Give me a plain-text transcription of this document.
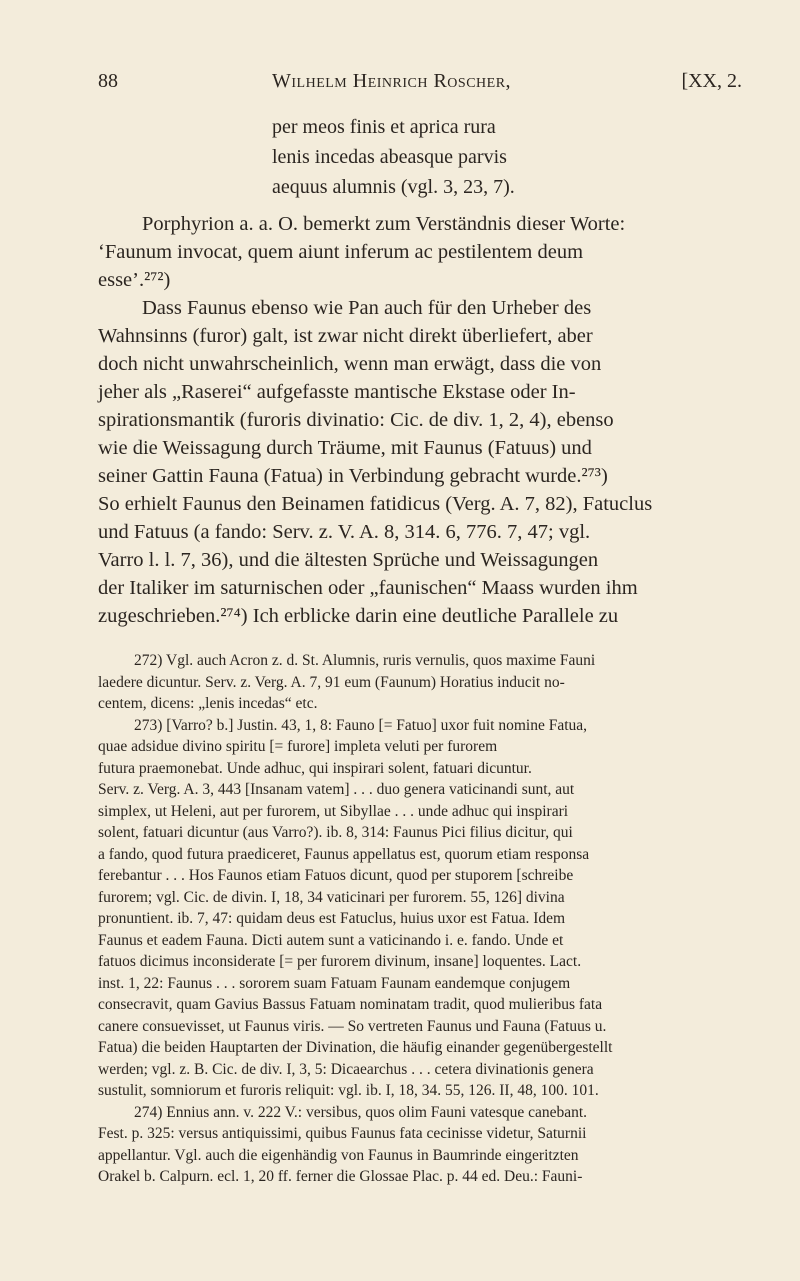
88	Wilhelm Heinrich Roscher,	[XX, 2.
per meos finis et aprica rura
lenis incedas abeasque parvis
aequus alumnis (vgl. 3, 23, 7).
Porphyrion a. a. O. bemerkt zum Verständnis dieser Worte:
‘Faunum invocat, quem aiunt inferum ac pestilentem deum
esse’.²⁷²)
Dass Faunus ebenso wie Pan auch für den Urheber des
Wahnsinns (furor) galt, ist zwar nicht direkt überliefert, aber
doch nicht unwahrscheinlich, wenn man erwägt, dass die von
jeher als „Raserei“ aufgefasste mantische Ekstase oder In-
spirationsmantik (furoris divinatio: Cic. de div. 1, 2, 4), ebenso
wie die Weissagung durch Träume, mit Faunus (Fatuus) und
seiner Gattin Fauna (Fatua) in Verbindung gebracht wurde.²⁷³)
So erhielt Faunus den Beinamen fatidicus (Verg. A. 7, 82), Fatuclus
und Fatuus (a fando: Serv. z. V. A. 8, 314. 6, 776. 7, 47; vgl.
Varro l. l. 7, 36), und die ältesten Sprüche und Weissagungen
der Italiker im saturnischen oder „faunischen“ Maass wurden ihm
zugeschrieben.²⁷⁴) Ich erblicke darin eine deutliche Parallele zu
272) Vgl. auch Acron z. d. St. Alumnis, ruris vernulis, quos maxime Fauni
laedere dicuntur. Serv. z. Verg. A. 7, 91 eum (Faunum) Horatius inducit no-
centem, dicens: „lenis incedas“ etc.
273) [Varro? b.] Justin. 43, 1, 8: Fauno [= Fatuo] uxor fuit nomine Fatua,
quae adsidue divino spiritu [= furore] impleta veluti per furorem
futura praemonebat. Unde adhuc, qui inspirari solent, fatuari dicuntur.
Serv. z. Verg. A. 3, 443 [Insanam vatem] . . . duo genera vaticinandi sunt, aut
simplex, ut Heleni, aut per furorem, ut Sibyllae . . . unde adhuc qui inspirari
solent, fatuari dicuntur (aus Varro?). ib. 8, 314: Faunus Pici filius dicitur, qui
a fando, quod futura praediceret, Faunus appellatus est, quorum etiam responsa
ferebantur . . . Hos Faunos etiam Fatuos dicunt, quod per stuporem [schreibe
furorem; vgl. Cic. de divin. I, 18, 34 vaticinari per furorem. 55, 126] divina
pronuntient. ib. 7, 47: quidam deus est Fatuclus, huius uxor est Fatua. Idem
Faunus et eadem Fauna. Dicti autem sunt a vaticinando i. e. fando. Unde et
fatuos dicimus inconsiderate [= per furorem divinum, insane] loquentes. Lact.
inst. 1, 22: Faunus . . . sororem suam Fatuam Faunam eandemque conjugem
consecravit, quam Gavius Bassus Fatuam nominatam tradit, quod mulieribus fata
canere consuevisset, ut Faunus viris. — So vertreten Faunus und Fauna (Fatuus u.
Fatua) die beiden Hauptarten der Divination, die häufig einander gegenübergestellt
werden; vgl. z. B. Cic. de div. I, 3, 5: Dicaearchus . . . cetera divinationis genera
sustulit, somniorum et furoris reliquit: vgl. ib. I, 18, 34. 55, 126. II, 48, 100. 101.
274) Ennius ann. v. 222 V.: versibus, quos olim Fauni vatesque canebant.
Fest. p. 325: versus antiquissimi, quibus Faunus fata cecinisse videtur, Saturnii
appellantur. Vgl. auch die eigenhändig von Faunus in Baumrinde eingeritzten
Orakel b. Calpurn. ecl. 1, 20 ff. ferner die Glossae Plac. p. 44 ed. Deu.: Fauni-
